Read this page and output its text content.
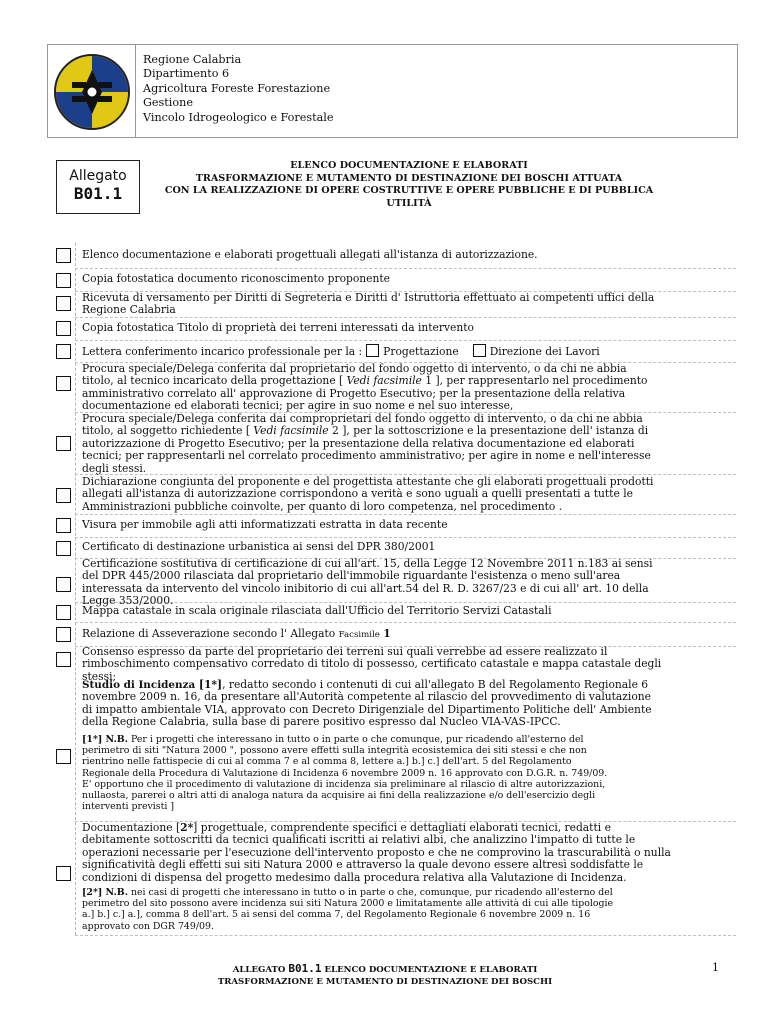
Regione Calabria
Dipartimento 6
Agricoltura Foreste Forestazione
Gestione
Vincolo Idrogeologico e Forestale
Allegato
B01.1
ELENCO DOCUMENTAZIONE E ELABORATI
TRASFORMAZIONE E MUTAMENTO DI DESTINAZIONE DEI BOSCHI ATTUATA
CON LA REALIZZAZIONE DI OPERE COSTRUTTIVE E OPERE PUBBLICHE E DI PUBBLICA
UTILITÀ
Elenco documentazione e elaborati progettuali allegati all'istanza di autorizzazione.
Copia fotostatica documento riconoscimento proponente
Ricevuta di versamento per Diritti di Segreteria e Diritti d' Istruttoria effettuato ai competenti uffici della
Regione Calabria
Copia fotostatica Titolo di proprietà dei terreni interessati da intervento
Lettera conferimento incarico professionale per la : Progettazione	Direzione dei Lavori
Procura speciale/Delega conferita dal proprietario del fondo oggetto di intervento, o da chi ne abbia
titolo, al tecnico incaricato della progettazione [ Vedi facsimile 1 ], per rappresentarlo nel procedimento
amministrativo correlato all' approvazione di Progetto Esecutivo; per la presentazione della relativa
documentazione ed elaborati tecnici; per agire in suo nome e nel suo interesse,
Procura speciale/Delega conferita dai comproprietari del fondo oggetto di intervento, o da chi ne abbia
titolo, al soggetto richiedente [ Vedi facsimile 2 ], per la sottoscrizione e la presentazione dell' istanza di
autorizzazione di Progetto Esecutivo; per la presentazione della relativa documentazione ed elaborati
tecnici; per rappresentarli nel correlato procedimento amministrativo; per agire in nome e nell'interesse
degli stessi.
Dichiarazione congiunta del proponente e del progettista attestante che gli elaborati progettuali prodotti
allegati all'istanza di autorizzazione corrispondono a verità e sono uguali a quelli presentati a tutte le
Amministrazioni pubbliche coinvolte, per quanto di loro competenza, nel procedimento .
Visura per immobile agli atti informatizzati estratta in data recente
Certificato di destinazione urbanistica ai sensi del DPR 380/2001
Certificazione sostitutiva di certificazione di cui all'art. 15, della Legge 12 Novembre 2011 n.183 ai sensi
del DPR 445/2000 rilasciata dal proprietario dell'immobile riguardante l'esistenza o meno sull'area
interessata da intervento del vincolo inibitorio di cui all'art.54 del R. D. 3267/23 e di cui all' art. 10 della
Legge 353/2000.
Mappa catastale in scala originale rilasciata dall'Ufficio del Territorio Servizi Catastali
Relazione di Asseverazione secondo l' Allegato Facsimile 1
Consenso espresso da parte del proprietario dei terreni sui quali verrebbe ad essere realizzato il
rimboschimento compensativo corredato di titolo di possesso, certificato catastale e mappa catastale degli
stessi;
Studio di Incidenza [1*], redatto secondo i contenuti di cui all'allegato B del Regolamento Regionale 6
novembre 2009 n. 16, da presentare all'Autorità competente al rilascio del provvedimento di valutazione
di impatto ambientale VIA, approvato con Decreto Dirigenziale del Dipartimento Politiche dell' Ambiente
della Regione Calabria, sulla base di parere positivo espresso dal Nucleo VIA-VAS-IPCC.
[1*] N.B. Per i progetti che interessano in tutto o in parte o che comunque, pur ricadendo all'esterno del
perimetro di siti "Natura 2000 ", possono avere effetti sulla integrità ecosistemica dei siti stessi e che non
rientrino nelle fattispecie di cui al comma 7 e al comma 8, lettere a.] b.] c.] dell'art. 5 del Regolamento
Regionale della Procedura di Valutazione di Incidenza 6 novembre 2009 n. 16 approvato con D.G.R. n. 749/09.
E' opportuno che il procedimento di valutazione di incidenza sia preliminare al rilascio di altre autorizzazioni,
nullaosta, parerei o altri atti di analoga natura da acquisire ai fini della realizzazione e/o dell'esercizio degli
interventi previsti ]
Documentazione [2*] progettuale, comprendente specifici e dettagliati elaborati tecnici, redatti e
debitamente sottoscritti da tecnici qualificati iscritti ai relativi albi, che analizzino l'impatto di tutte le
operazioni necessarie per l'esecuzione dell'intervento proposto e che ne comprovino la trascurabilità o nulla
significatività degli effetti sui siti Natura 2000 e attraverso la quale devono essere altresì soddisfatte le
condizioni di dispensa del progetto medesimo dalla procedura relativa alla Valutazione di Incidenza.
[2*] N.B. nei casi di progetti che interessano in tutto o in parte o che, comunque, pur ricadendo all'esterno del
perimetro del sito possono avere incidenza sui siti Natura 2000 e limitatamente alle attività di cui alle tipologie
a.] b.] c.] a.], comma 8 dell'art. 5 ai sensi del comma 7, del Regolamento Regionale 6 novembre 2009 n. 16
approvato con DGR 749/09.
ALLEGATO B01.1 ELENCO DOCUMENTAZIONE E ELABORATI
TRASFORMAZIONE E MUTAMENTO DI DESTINAZIONE DEI BOSCHI
1
